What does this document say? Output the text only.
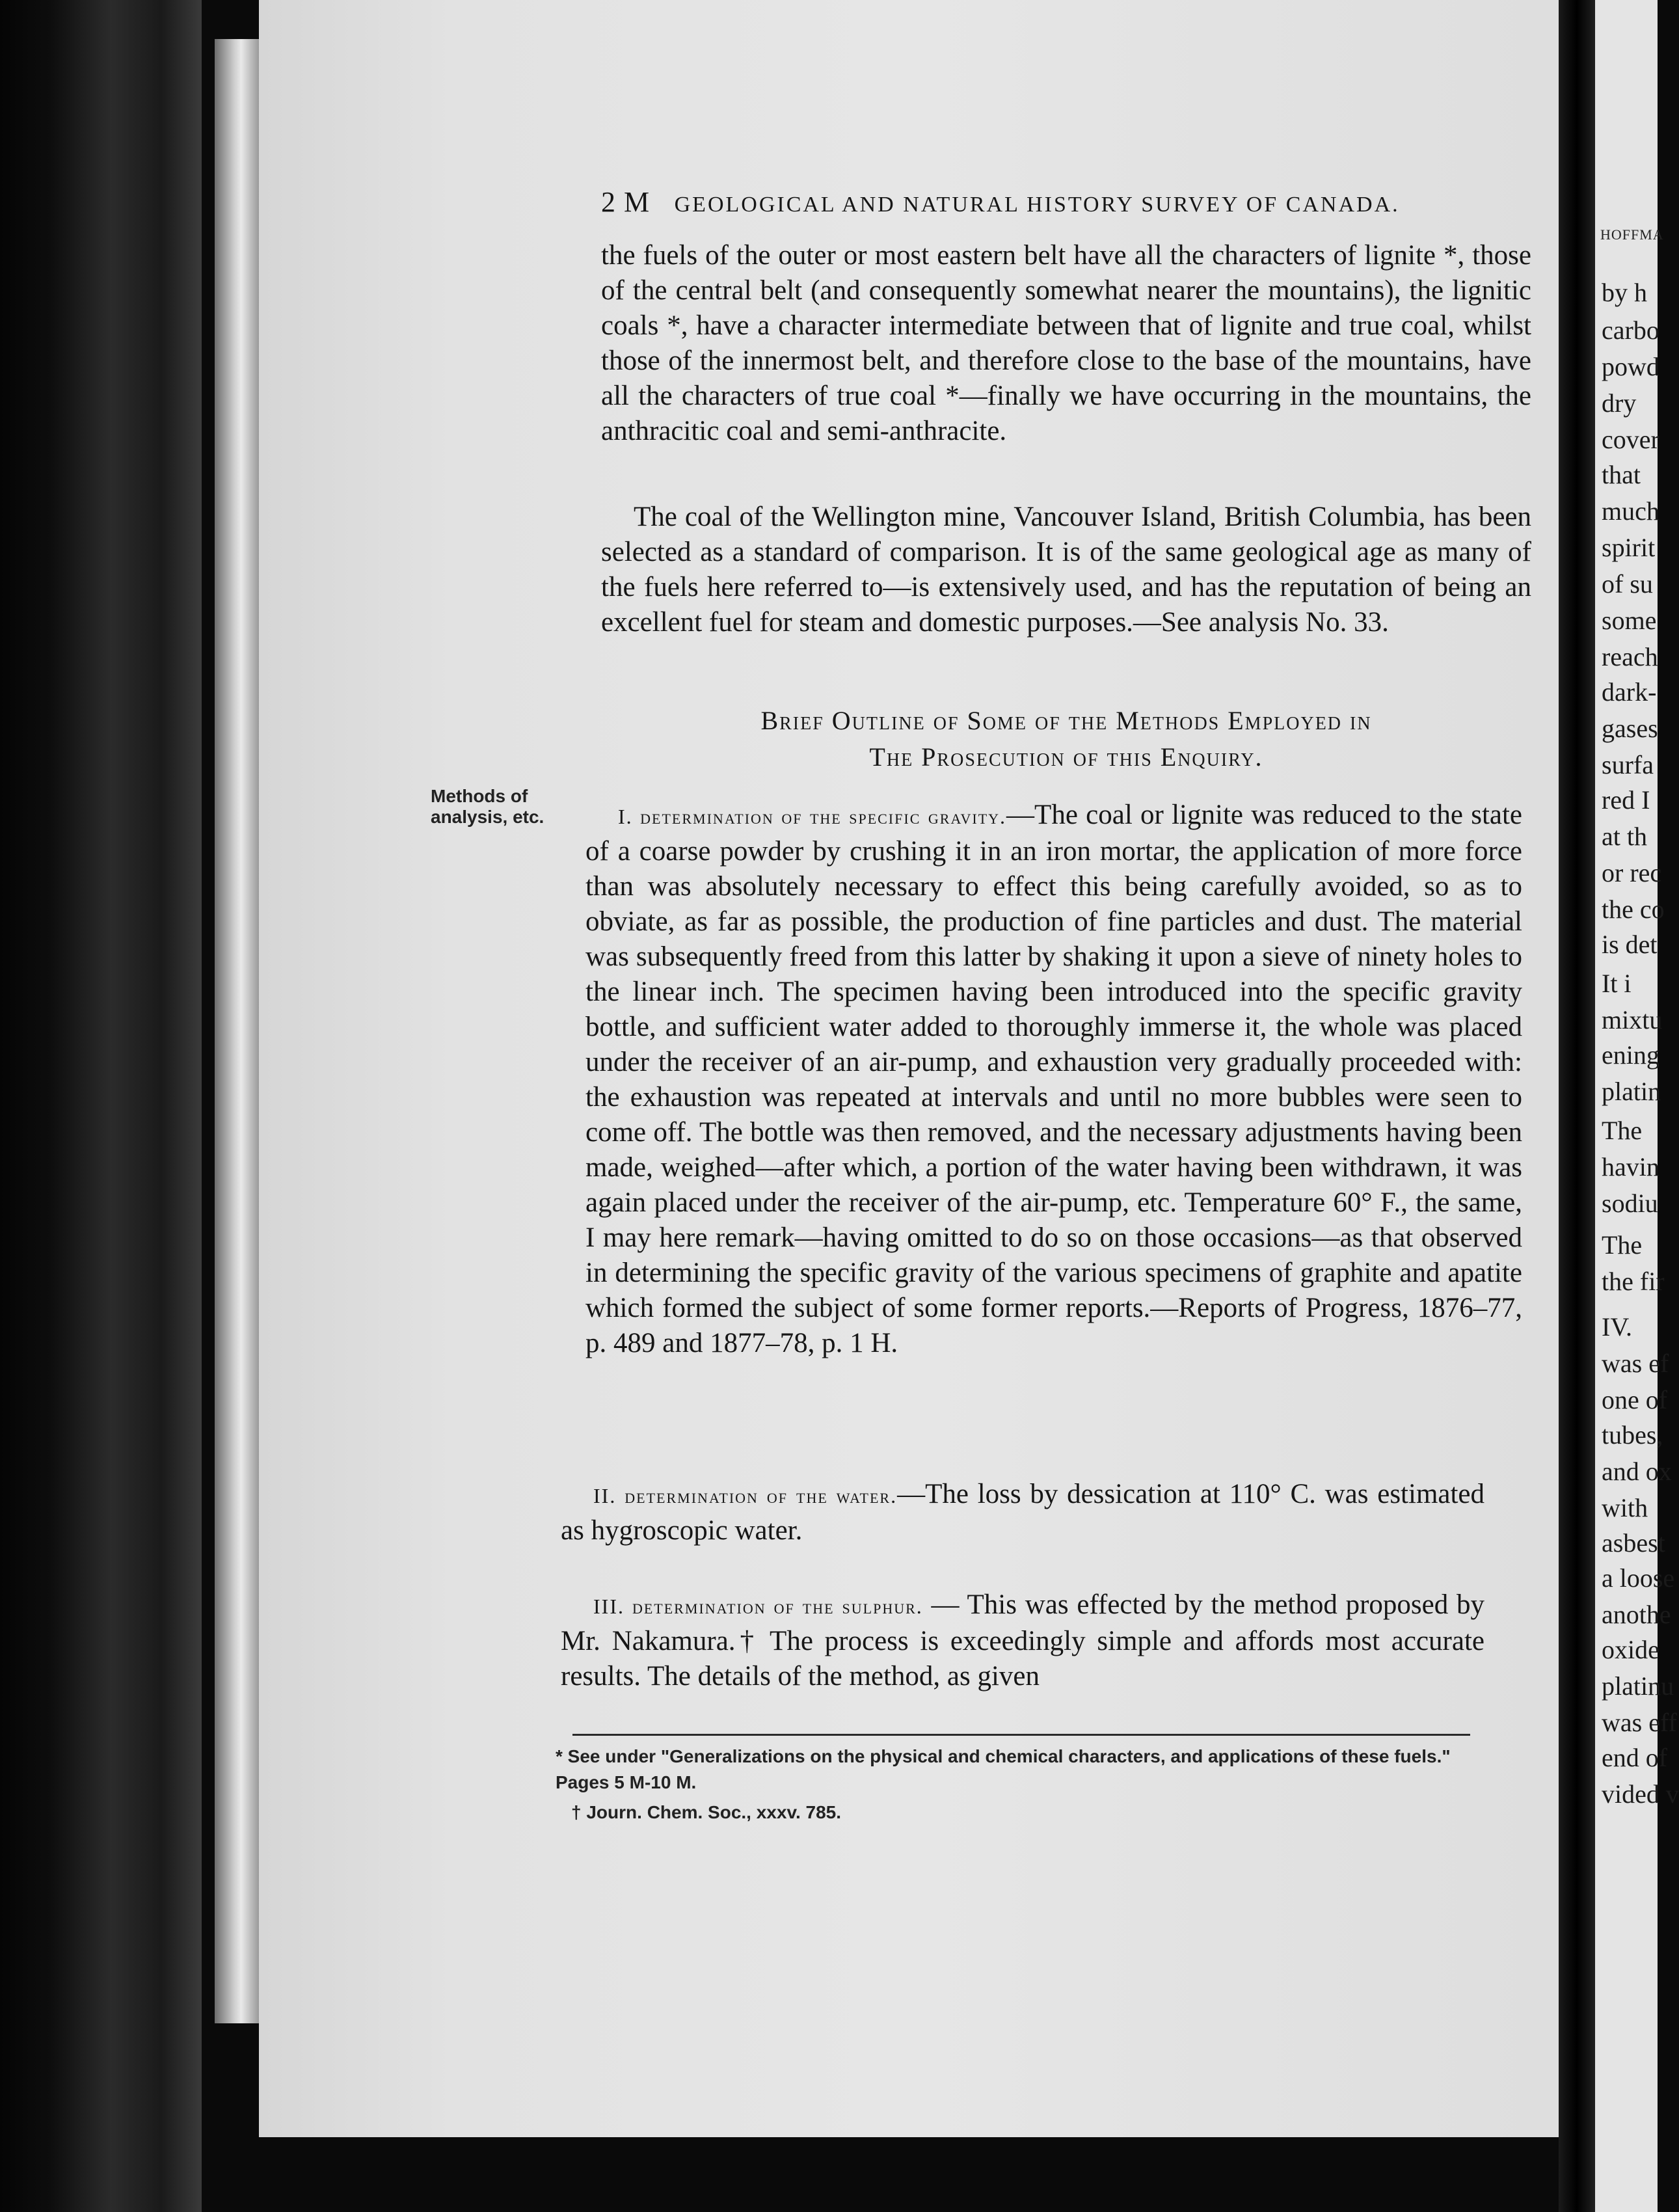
2 M GEOLOGICAL AND NATURAL HISTORY SURVEY OF CANADA.

the fuels of the outer or most eastern belt have all the characters of lignite *, those of the central belt (and consequently somewhat nearer the mountains), the lignitic coals *, have a character intermediate between that of lignite and true coal, whilst those of the innermost belt, and therefore close to the base of the mountains, have all the characters of true coal *—finally we have occurring in the mountains, the anthracitic coal and semi-anthracite.

The coal of the Wellington mine, Vancouver Island, British Columbia, has been selected as a standard of comparison. It is of the same geological age as many of the fuels here referred to—is extensively used, and has the reputation of being an excellent fuel for steam and domestic purposes.—See analysis No. 33.

Brief Outline of Some of the Methods Employed in
The Prosecution of this Enquiry.
Methods of analysis, etc.	I. determination of the specific gravity.—The coal or lignite was reduced to the state of a coarse powder by crushing it in an iron mortar, the application of more force than was absolutely necessary to effect this being carefully avoided, so as to obviate, as far as possible, the production of fine particles and dust. The material was subsequently freed from this latter by shaking it upon a sieve of ninety holes to the linear inch. The specimen having been introduced into the specific gravity bottle, and sufficient water added to thoroughly immerse it, the whole was placed under the receiver of an air-pump, and exhaustion very gradually proceeded with: the exhaustion was repeated at intervals and until no more bubbles were seen to come off. The bottle was then removed, and the necessary adjustments having been made, weighed—after which, a portion of the water having been withdrawn, it was again placed under the receiver of the air-pump, etc. Temperature 60° F., the same, I may here remark—having omitted to do so on those occasions—as that observed in determining the specific gravity of the various specimens of graphite and apatite which formed the subject of some former reports.—Reports of Progress, 1876–77, p. 489 and 1877–78, p. 1 H.

II. determination of the water.—The loss by dessication at 110° C. was estimated as hygroscopic water.

III. determination of the sulphur. — This was effected by the method proposed by Mr. Nakamura.† The process is exceedingly simple and affords most accurate results. The details of the method, as given

* See under "Generalizations on the physical and chemical characters, and applications of these fuels." Pages 5 M-10 M.

† Journ. Chem. Soc., xxxv. 785.

HOFFMA
by h
carbo
powd
dry
cover
that
much
spirit
of su
some
reach
dark-
gases
surfa
red I
at th
or rec
the co
is det
It i
mixtu
ening
platin
The
havin
sodiu
The
the fir
IV.
was ef
one of
tubes,
and ox
with
asbest
a loose
anothe
oxide
platinu
was eff
end of
vided v
